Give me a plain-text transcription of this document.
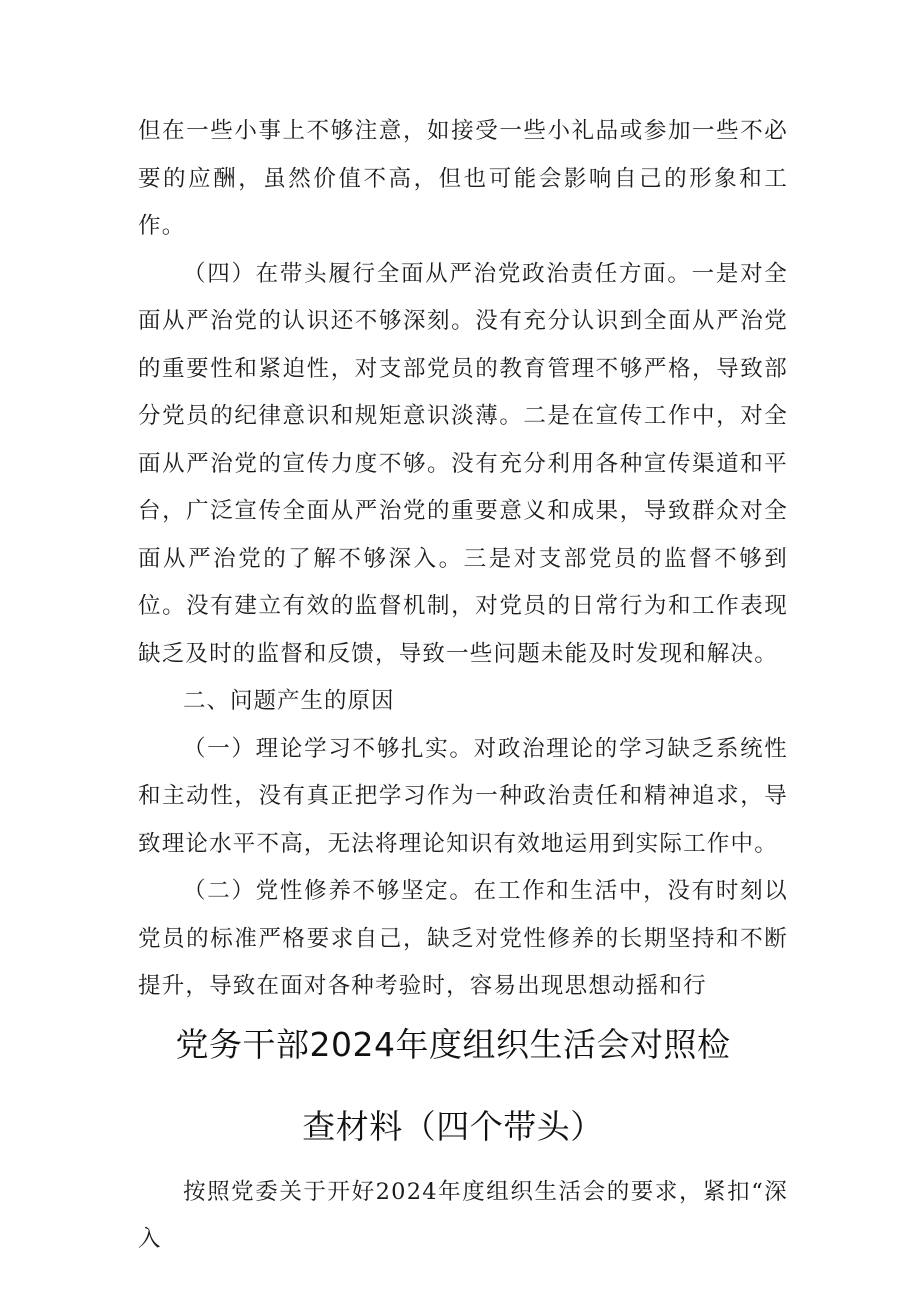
但在一些小事上不够注意，如接受一些小礼品或参加一些不必要的应酬，虽然价值不高，但也可能会影响自己的形象和工作。

（四）在带头履行全面从严治党政治责任方面。一是对全面从严治党的认识还不够深刻。没有充分认识到全面从严治党的重要性和紧迫性，对支部党员的教育管理不够严格，导致部分党员的纪律意识和规矩意识淡薄。二是在宣传工作中，对全面从严治党的宣传力度不够。没有充分利用各种宣传渠道和平台，广泛宣传全面从严治党的重要意义和成果，导致群众对全面从严治党的了解不够深入。三是对支部党员的监督不够到位。没有建立有效的监督机制，对党员的日常行为和工作表现缺乏及时的监督和反馈，导致一些问题未能及时发现和解决。

二、问题产生的原因

（一）理论学习不够扎实。对政治理论的学习缺乏系统性和主动性，没有真正把学习作为一种政治责任和精神追求，导致理论水平不高，无法将理论知识有效地运用到实际工作中。

（二）党性修养不够坚定。在工作和生活中，没有时刻以党员的标准严格要求自己，缺乏对党性修养的长期坚持和不断提升，导致在面对各种考验时，容易出现思想动摇和行

党务干部2024年度组织生活会对照检
查材料（四个带头）

按照党委关于开好2024年度组织生活会的要求，紧扣“深入
